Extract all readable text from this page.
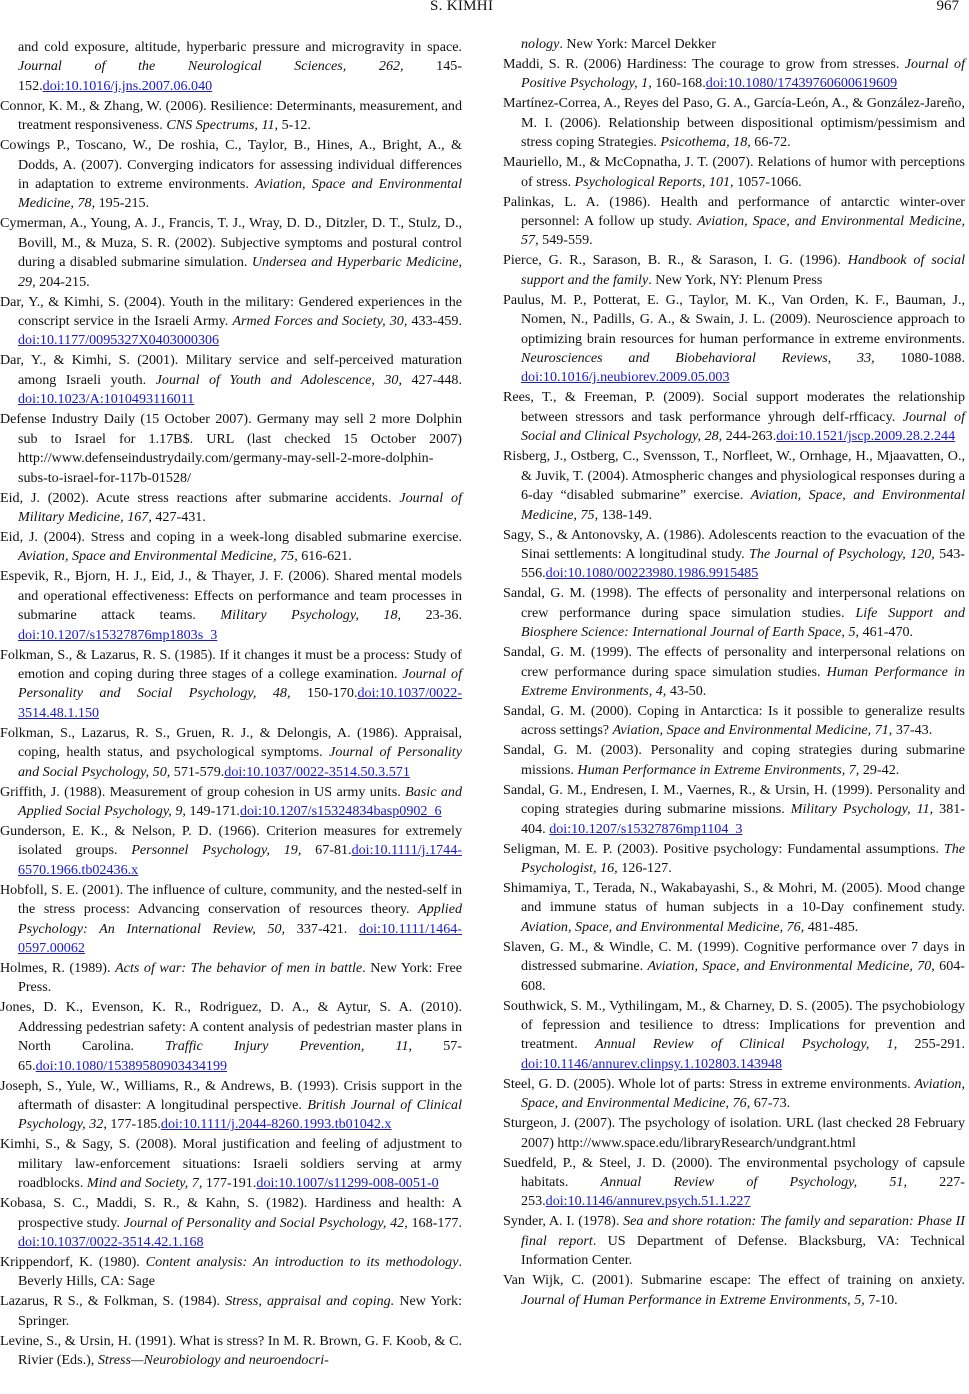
S. KIMHI	967

and cold exposure, altitude, hyperbaric pressure and microgravity in space. Journal of the Neurological Sciences, 262, 145-152.doi:10.1016/j.jns.2007.06.040

Connor, K. M., & Zhang, W. (2006). Resilience: Determinants, measurement, and treatment responsiveness. CNS Spectrums, 11, 5-12.

Cowings P., Toscano, W., De roshia, C., Taylor, B., Hines, A., Bright, A., & Dodds, A. (2007). Converging indicators for assessing individual differences in adaptation to extreme environments. Aviation, Space and Environmental Medicine, 78, 195-215.

Cymerman, A., Young, A. J., Francis, T. J., Wray, D. D., Ditzler, D. T., Stulz, D., Bovill, M., & Muza, S. R. (2002). Subjective symptoms and postural control during a disabled submarine simulation. Undersea and Hyperbaric Medicine, 29, 204-215.

Dar, Y., & Kimhi, S. (2004). Youth in the military: Gendered experiences in the conscript service in the Israeli Army. Armed Forces and Society, 30, 433-459. doi:10.1177/0095327X0403000306

Dar, Y., & Kimhi, S. (2001). Military service and self-perceived maturation among Israeli youth. Journal of Youth and Adolescence, 30, 427-448. doi:10.1023/A:1010493116011

Defense Industry Daily (15 October 2007). Germany may sell 2 more Dolphin sub to Israel for 1.17B$. URL (last checked 15 October 2007) http://www.defenseindustrydaily.com/germany-may-sell-2-more-dolphin-subs-to-israel-for-117b-01528/

Eid, J. (2002). Acute stress reactions after submarine accidents. Journal of Military Medicine, 167, 427-431.

Eid, J. (2004). Stress and coping in a week-long disabled submarine exercise. Aviation, Space and Environmental Medicine, 75, 616-621.

Espevik, R., Bjorn, H. J., Eid, J., & Thayer, J. F. (2006). Shared mental models and operational effectiveness: Effects on performance and team processes in submarine attack teams. Military Psychology, 18, 23-36. doi:10.1207/s15327876mp1803s_3

Folkman, S., & Lazarus, R. S. (1985). If it changes it must be a process: Study of emotion and coping during three stages of a college examination. Journal of Personality and Social Psychology, 48, 150-170.doi:10.1037/0022-3514.48.1.150

Folkman, S., Lazarus, R. S., Gruen, R. J., & Delongis, A. (1986). Appraisal, coping, health status, and psychological symptoms. Journal of Personality and Social Psychology, 50, 571-579.doi:10.1037/0022-3514.50.3.571

Griffith, J. (1988). Measurement of group cohesion in US army units. Basic and Applied Social Psychology, 9, 149-171.doi:10.1207/s15324834basp0902_6

Gunderson, E. K., & Nelson, P. D. (1966). Criterion measures for extremely isolated groups. Personnel Psychology, 19, 67-81.doi:10.1111/j.1744-6570.1966.tb02436.x

Hobfoll, S. E. (2001). The influence of culture, community, and the nested-self in the stress process: Advancing conservation of resources theory. Applied Psychology: An International Review, 50, 337-421. doi:10.1111/1464-0597.00062

Holmes, R. (1989). Acts of war: The behavior of men in battle. New York: Free Press.

Jones, D. K., Evenson, K. R., Rodriguez, D. A., & Aytur, S. A. (2010). Addressing pedestrian safety: A content analysis of pedestrian master plans in North Carolina. Traffic Injury Prevention, 11, 57-65.doi:10.1080/15389580903434199

Joseph, S., Yule, W., Williams, R., & Andrews, B. (1993). Crisis support in the aftermath of disaster: A longitudinal perspective. British Journal of Clinical Psychology, 32, 177-185.doi:10.1111/j.2044-8260.1993.tb01042.x

Kimhi, S., & Sagy, S. (2008). Moral justification and feeling of adjustment to military law-enforcement situations: Israeli soldiers serving at army roadblocks. Mind and Society, 7, 177-191.doi:10.1007/s11299-008-0051-0

Kobasa, S. C., Maddi, S. R., & Kahn, S. (1982). Hardiness and health: A prospective study. Journal of Personality and Social Psychology, 42, 168-177. doi:10.1037/0022-3514.42.1.168

Krippendorf, K. (1980). Content analysis: An introduction to its methodology. Beverly Hills, CA: Sage

Lazarus, R S., & Folkman, S. (1984). Stress, appraisal and coping. New York: Springer.

Levine, S., & Ursin, H. (1991). What is stress? In M. R. Brown, G. F. Koob, & C. Rivier (Eds.), Stress—Neurobiology and neuroendocri-

nology. New York: Marcel Dekker

Maddi, S. R. (2006) Hardiness: The courage to grow from stresses. Journal of Positive Psychology, 1, 160-168.doi:10.1080/17439760600619609

Martínez-Correa, A., Reyes del Paso, G. A., García-León, A., & González-Jareño, M. I. (2006). Relationship between dispositional optimism/pessimism and stress coping Strategies. Psicothema, 18, 66-72.

Mauriello, M., & McCopnatha, J. T. (2007). Relations of humor with perceptions of stress. Psychological Reports, 101, 1057-1066.

Palinkas, L. A. (1986). Health and performance of antarctic winter-over personnel: A follow up study. Aviation, Space, and Environmental Medicine, 57, 549-559.

Pierce, G. R., Sarason, B. R., & Sarason, I. G. (1996). Handbook of social support and the family. New York, NY: Plenum Press

Paulus, M. P., Potterat, E. G., Taylor, M. K., Van Orden, K. F., Bauman, J., Nomen, N., Padills, G. A., & Swain, J. L. (2009). Neuroscience approach to optimizing brain resources for human performance in extreme environments. Neurosciences and Biobehavioral Reviews, 33, 1080-1088. doi:10.1016/j.neubiorev.2009.05.003

Rees, T., & Freeman, P. (2009). Social support moderates the relationship between stressors and task performance yhrough delf-rfficacy. Journal of Social and Clinical Psychology, 28, 244-263.doi:10.1521/jscp.2009.28.2.244

Risberg, J., Ostberg, C., Svensson, T., Norfleet, W., Ornhage, H., Mjaavatten, O., & Juvik, T. (2004). Atmospheric changes and physiological responses during a 6-day “disabled submarine” exercise. Aviation, Space, and Environmental Medicine, 75, 138-149.

Sagy, S., & Antonovsky, A. (1986). Adolescents reaction to the evacuation of the Sinai settlements: A longitudinal study. The Journal of Psychology, 120, 543-556.doi:10.1080/00223980.1986.9915485

Sandal, G. M. (1998). The effects of personality and interpersonal relations on crew performance during space simulation studies. Life Support and Biosphere Science: International Journal of Earth Space, 5, 461-470.

Sandal, G. M. (1999). The effects of personality and interpersonal relations on crew performance during space simulation studies. Human Performance in Extreme Environments, 4, 43-50.

Sandal, G. M. (2000). Coping in Antarctica: Is it possible to generalize results across settings? Aviation, Space and Environmental Medicine, 71, 37-43.

Sandal, G. M. (2003). Personality and coping strategies during submarine missions. Human Performance in Extreme Environments, 7, 29-42.

Sandal, G. M., Endresen, I. M., Vaernes, R., & Ursin, H. (1999). Personality and coping strategies during submarine missions. Military Psychology, 11, 381-404. doi:10.1207/s15327876mp1104_3

Seligman, M. E. P. (2003). Positive psychology: Fundamental assumptions. The Psychologist, 16, 126-127.

Shimamiya, T., Terada, N., Wakabayashi, S., & Mohri, M. (2005). Mood change and immune status of human subjects in a 10-Day confinement study. Aviation, Space, and Environmental Medicine, 76, 481-485.

Slaven, G. M., & Windle, C. M. (1999). Cognitive performance over 7 days in distressed submarine. Aviation, Space, and Environmental Medicine, 70, 604-608.

Southwick, S. M., Vythilingam, M., & Charney, D. S. (2005). The psychobiology of fepression and tesilience to dtress: Implications for prevention and treatment. Annual Review of Clinical Psychology, 1, 255-291. doi:10.1146/annurev.clinpsy.1.102803.143948

Steel, G. D. (2005). Whole lot of parts: Stress in extreme environments. Aviation, Space, and Environmental Medicine, 76, 67-73.

Sturgeon, J. (2007). The psychology of isolation. URL (last checked 28 February 2007) http://www.space.edu/libraryResearch/undgrant.html

Suedfeld, P., & Steel, J. D. (2000). The environmental psychology of capsule habitats. Annual Review of Psychology, 51, 227-253.doi:10.1146/annurev.psych.51.1.227

Synder, A. I. (1978). Sea and shore rotation: The family and separation: Phase II final report. US Department of Defense. Blacksburg, VA: Technical Information Center.

Van Wijk, C. (2001). Submarine escape: The effect of training on anxiety. Journal of Human Performance in Extreme Environments, 5, 7-10.
